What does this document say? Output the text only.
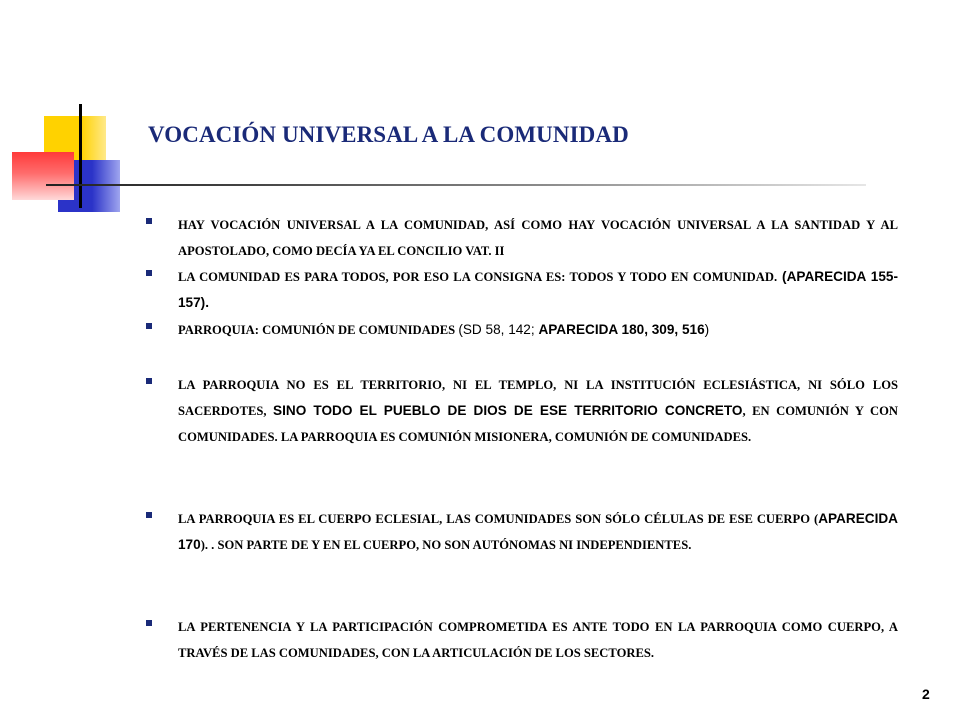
VOCACIÓN UNIVERSAL A LA COMUNIDAD
HAY VOCACIÓN UNIVERSAL A LA COMUNIDAD, ASÍ COMO HAY VOCACIÓN UNIVERSAL A LA SANTIDAD Y AL APOSTOLADO, COMO DECÍA YA EL CONCILIO VAT. II
LA COMUNIDAD ES PARA TODOS, POR ESO LA CONSIGNA ES: TODOS Y TODO EN COMUNIDAD. (APARECIDA 155-157).
PARROQUIA: COMUNIÓN DE COMUNIDADES (SD 58, 142; APARECIDA 180, 309, 516)
LA PARROQUIA NO ES EL TERRITORIO, NI EL TEMPLO, NI LA INSTITUCIÓN ECLESIÁSTICA, NI SÓLO LOS SACERDOTES, SINO TODO EL PUEBLO DE DIOS DE ESE TERRITORIO CONCRETO, EN COMUNIÓN Y CON COMUNIDADES. LA PARROQUIA ES COMUNIÓN MISIONERA, COMUNIÓN DE COMUNIDADES.
LA PARROQUIA ES EL CUERPO ECLESIAL, LAS COMUNIDADES SON SÓLO CÉLULAS DE ESE CUERPO (APARECIDA 170). . SON PARTE DE Y EN EL CUERPO, NO SON AUTÓNOMAS NI INDEPENDIENTES.
LA PERTENENCIA Y LA PARTICIPACIÓN COMPROMETIDA ES ANTE TODO EN LA PARROQUIA COMO CUERPO, A TRAVÉS DE LAS COMUNIDADES, CON LA ARTICULACIÓN DE LOS SECTORES.
2
